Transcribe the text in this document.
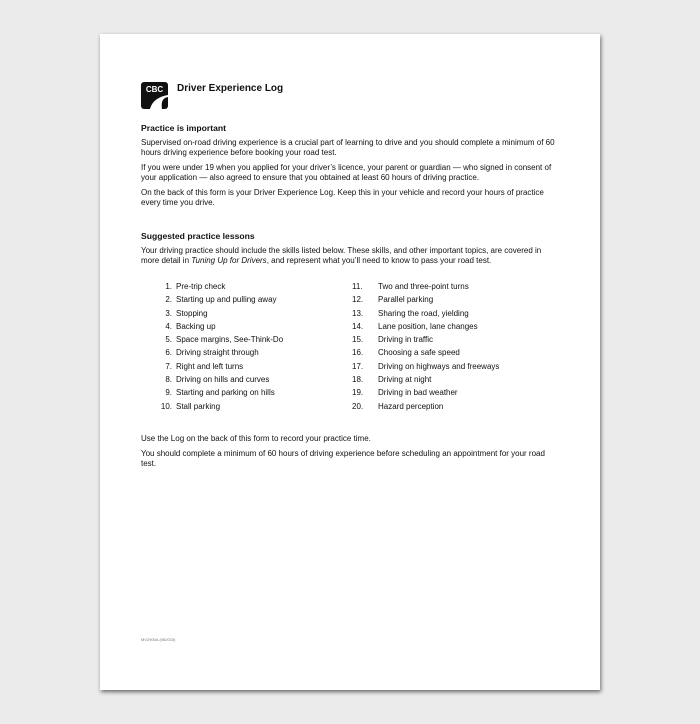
CBC Driver Experience Log
Practice is important
Supervised on-road driving experience is a crucial part of learning to drive and you should complete a minimum of 60 hours driving experience before booking your road test.
If you were under 19 when you applied for your driver’s licence, your parent or guardian — who signed in consent of your application — also agreed to ensure that you obtained at least 60 hours of driving practice.
On the back of this form is your Driver Experience Log. Keep this in your vehicle and record your hours of practice every time you drive.
Suggested practice lessons
Your driving practice should include the skills listed below. These skills, and other important topics, are covered in more detail in Tuning Up for Drivers, and represent what you’ll need to know to pass your road test.
1. Pre-trip check
2. Starting up and pulling away
3. Stopping
4. Backing up
5. Space margins, See-Think-Do
6. Driving straight through
7. Right and left turns
8. Driving on hills and curves
9. Starting and parking on hills
10. Stall parking
11. Two and three-point turns
12. Parallel parking
13. Sharing the road, yielding
14. Lane position, lane changes
15. Driving in traffic
16. Choosing a safe speed
17. Driving on highways and freeways
18. Driving at night
19. Driving in bad weather
20. Hazard perception
Use the Log on the back of this form to record your practice time.
You should complete a minimum of 60 hours of driving experience before scheduling an appointment for your road test.
MV2900A (082015)
